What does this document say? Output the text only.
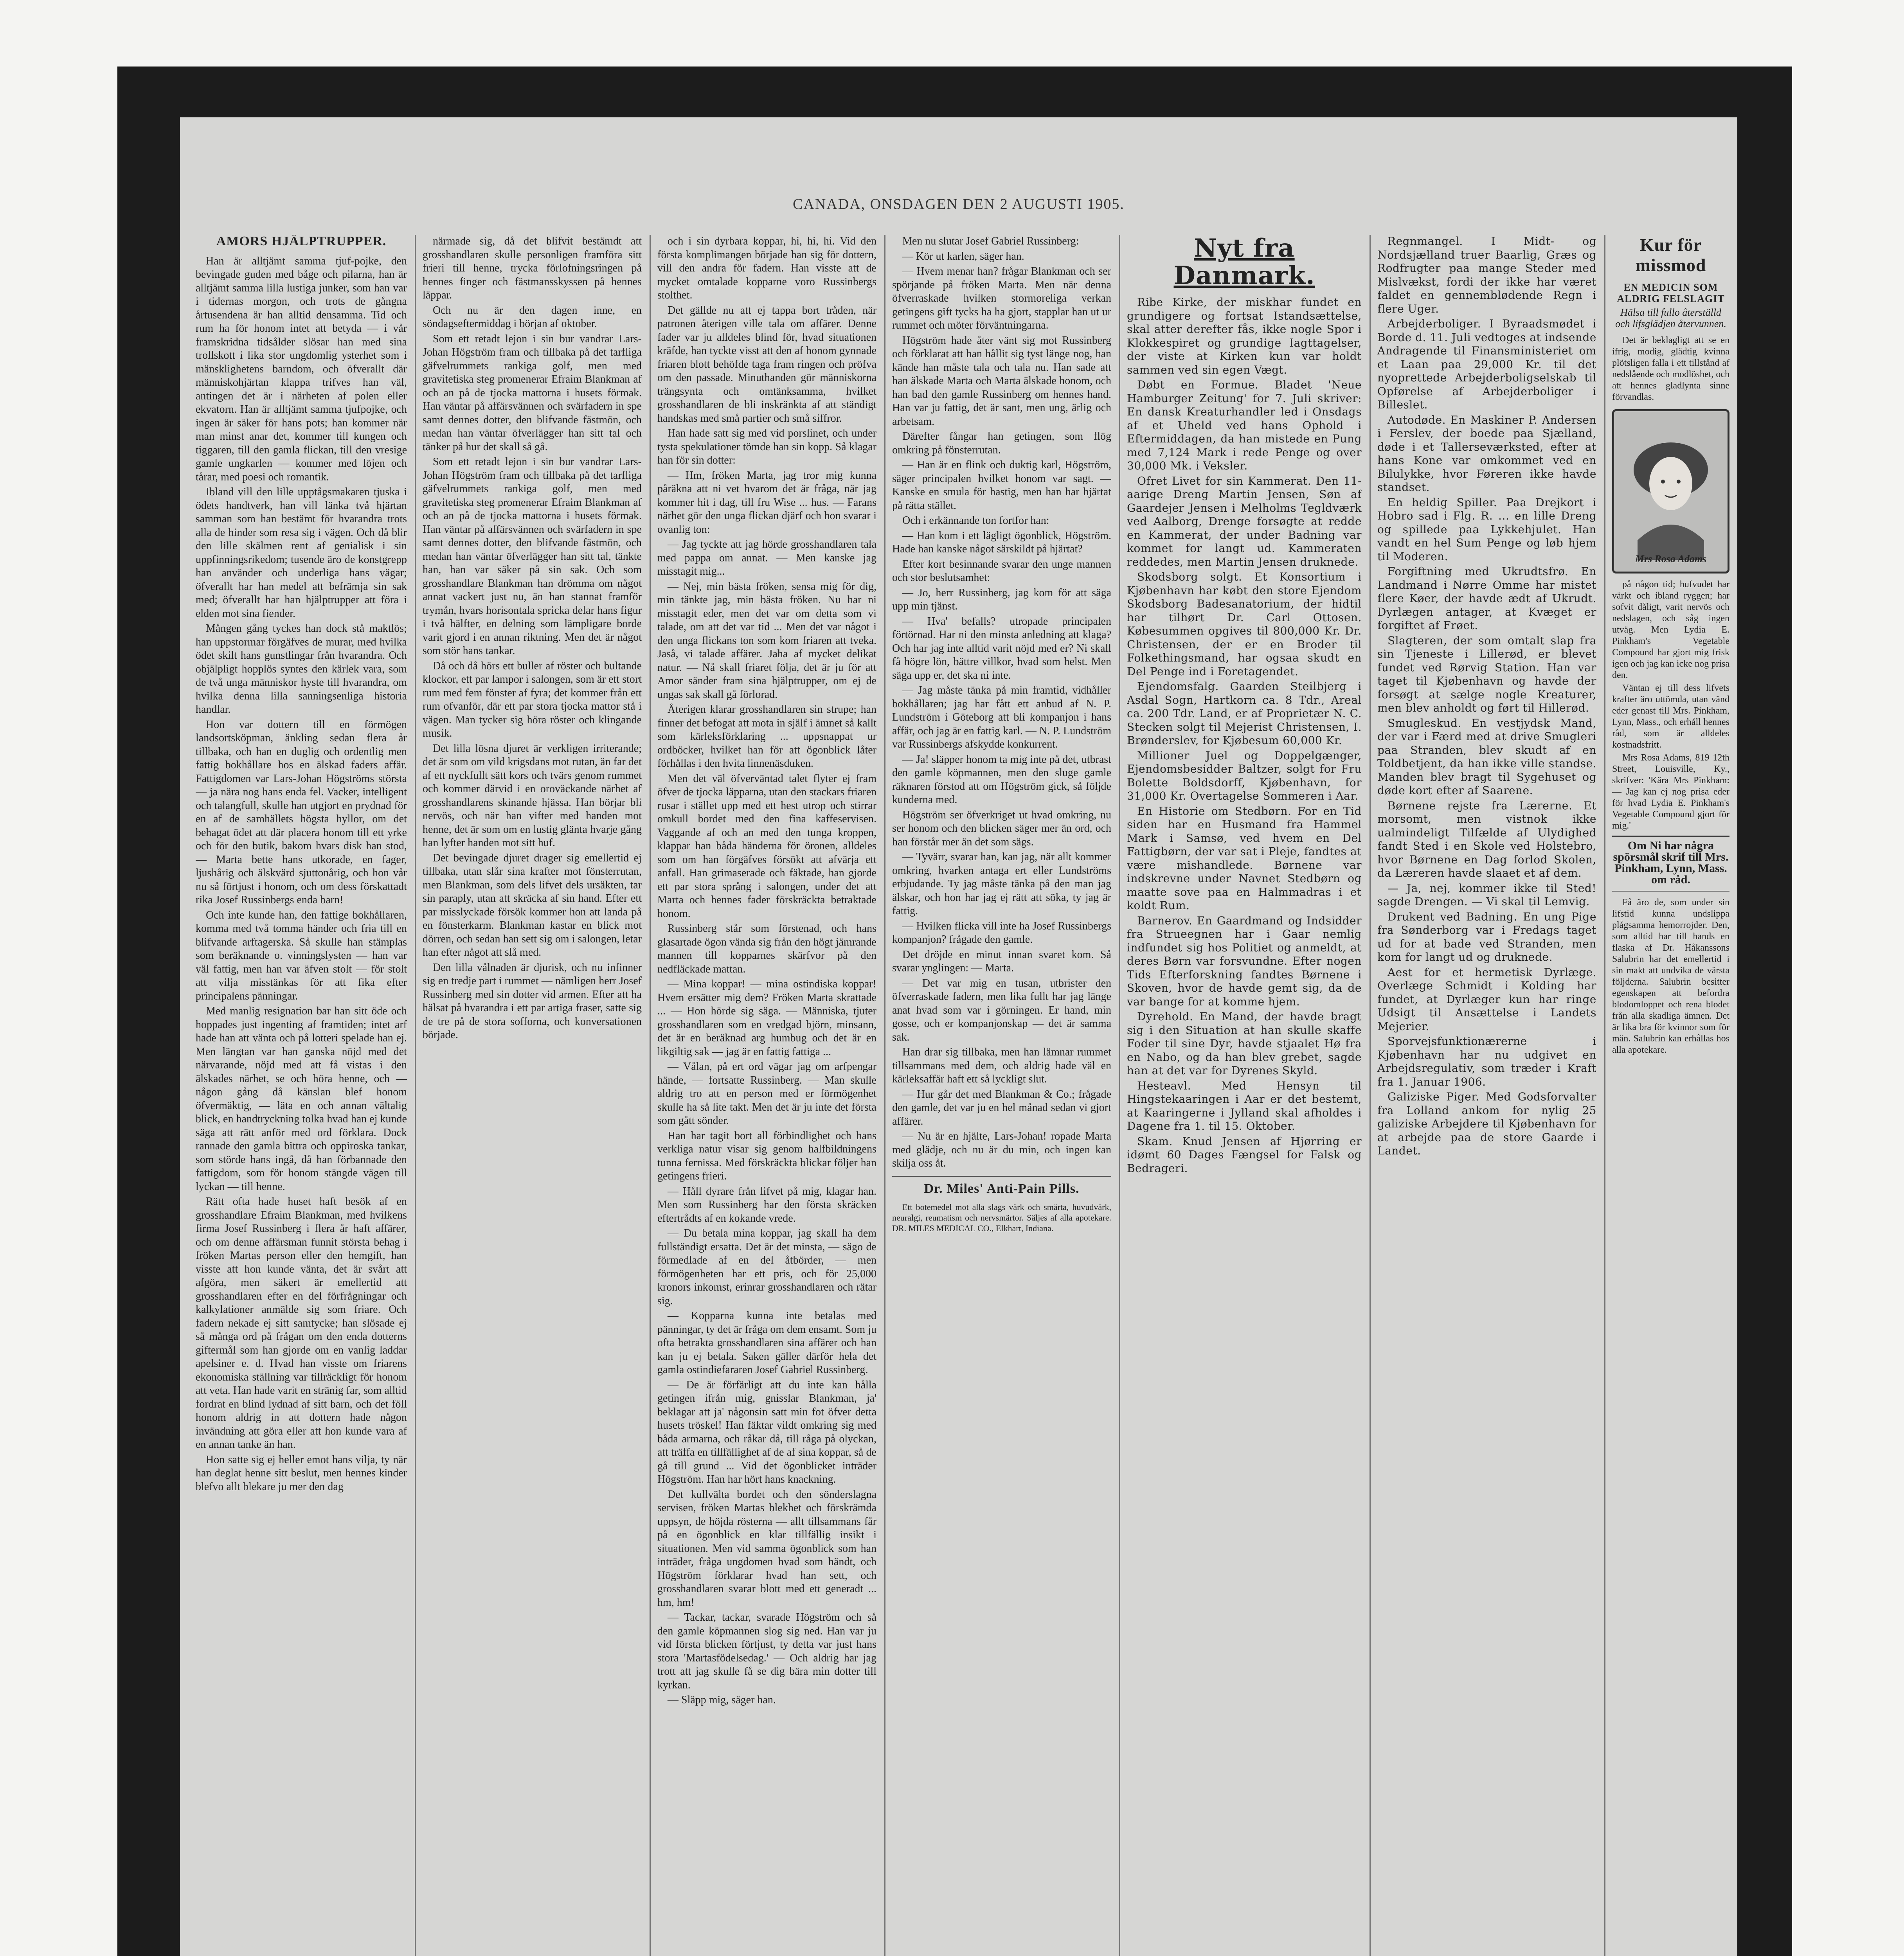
CANADA, ONSDAGEN DEN 2 AUGUSTI 1905.
AMORS HJÄLPTRUPPER.

Han är alltjämt samma tjuf-pojke, den bevingade guden med båge och pilarna, han är alltjämt samma lilla lustiga junker, som han var i tidernas morgon, och trots de gångna årtusendena är han alltid densamma. Tid och rum ha för honom intet att betyda — i vår framskridna tidsålder slösar han med sina trollskott i lika stor ungdomlig ysterhet som i mänsklighetens barndom, och öfverallt där människohjärtan klappa trifves han väl, antingen det är i närheten af polen eller ekvatorn. Han är alltjämt samma tjufpojke, och ingen är säker för hans pots; han kommer när man minst anar det, kommer till kungen och tiggaren, till den gamla flickan, till den vresige gamle ungkarlen — kommer med löjen och tårar, med poesi och romantik.

Ibland vill den lille upptågsmakaren tjuska i ödets handtverk, han vill länka två hjärtan samman som han bestämt för hvarandra trots alla de hinder som resa sig i vägen. Och då blir den lille skälmen rent af genialisk i sin uppfinningsrikedom; tusende äro de konstgrepp han använder och underliga hans vägar; öfverallt har han medel att befrämja sin sak med; öfverallt har han hjälptrupper att föra i elden mot sina fiender.

Mången gång tyckes han dock stå maktlös; han uppstormar förgäfves de murar, med hvilka ödet skilt hans gunstlingar från hvarandra. Och objälpligt hopplös syntes den kärlek vara, som de två unga människor hyste till hvarandra, om hvilka denna lilla sanningsenliga historia handlar.

Hon var dottern till en förmögen landsortsköpman, änkling sedan flera år tillbaka, och han en duglig och ordentlig men fattig bokhållare hos en älskad faders affär. Fattigdomen var Lars-Johan Högströms största — ja nära nog hans enda fel. Vacker, intelligent och talangfull, skulle han utgjort en prydnad för en af de samhällets högsta hyllor, om det behagat ödet att där placera honom till ett yrke och för den butik, bakom hvars disk han stod, — Marta bette hans utkorade, en fager, ljushårig och älskvärd sjuttonårig, och hon vår nu så förtjust i honom, och om dess förskattadt rika Josef Russinbergs enda barn!

Och inte kunde han, den fattige bokhållaren, komma med två tomma händer och fria till en blifvande arftagerska. Så skulle han stämplas som beräknande o. vinningslysten — han var väl fattig, men han var äfven stolt — för stolt att vilja misstänkas för att fika efter principalens pänningar.

Med manlig resignation bar han sitt öde och hoppades just ingenting af framtiden; intet arf hade han att vänta och på lotteri spelade han ej. Men längtan var han ganska nöjd med det närvarande, nöjd med att få vistas i den älskades närhet, se och höra henne, och — någon gång då känslan blef honom öfvermäktig, — läta en och annan vältalig blick, en handtryckning tolka hvad han ej kunde säga att rätt anför med ord förklara. Dock rannade den gamla bittra och oppiroska tankar, som störde hans ingå, då han förbannade den fattigdom, som för honom stängde vägen till lyckan — till henne.

Rätt ofta hade huset haft besök af en grosshandlare Efraim Blankman, med hvilkens firma Josef Russinberg i flera år haft affärer, och om denne affärsman funnit största behag i fröken Martas person eller den hemgift, han visste att hon kunde vänta, det är svårt att afgöra, men säkert är emellertid att grosshandlaren efter en del förfrågningar och kalkylationer anmälde sig som friare. Och fadern nekade ej sitt samtycke; han slösade ej så många ord på frågan om den enda dotterns giftermål som han gjorde om en vanlig laddar apelsiner e. d. Hvad han visste om friarens ekonomiska ställning var tillräckligt för honom att veta. Han hade varit en stränig far, som alltid fordrat en blind lydnad af sitt barn, och det föll honom aldrig in att dottern hade någon invändning att göra eller att hon kunde vara af en annan tanke än han.

Hon satte sig ej heller emot hans vilja, ty när han deglat henne sitt beslut, men hennes kinder blefvo allt blekare ju mer den dag

närmade sig, då det blifvit bestämdt att grosshandlaren skulle personligen framföra sitt frieri till henne, trycka förlofningsringen på hennes finger och fästmansskyssen på hennes läppar.

Och nu är den dagen inne, en söndagseftermiddag i början af oktober.

Som ett retadt lejon i sin bur vandrar Lars-Johan Högström fram och tillbaka på det tarfliga gäfvelrummets rankiga golf, men med gravitetiska steg promenerar Efraim Blankman af och an på de tjocka mattorna i husets förmak. Han väntar på affärsvännen och svärfadern in spe samt dennes dotter, den blifvande fästmön, och medan han väntar öfverlägger han sitt tal och tänker på hur det skall så gå.

Som ett retadt lejon i sin bur vandrar Lars-Johan Högström fram och tillbaka på det tarfliga gäfvelrummets rankiga golf, men med gravitetiska steg promenerar Efraim Blankman af och an på de tjocka mattorna i husets förmak. Han väntar på affärsvännen och svärfadern in spe samt dennes dotter, den blifvande fästmön, och medan han väntar öfverlägger han sitt tal, tänkte han, han var säker på sin sak. Och som grosshandlare Blankman han drömma om något annat vackert just nu, än han stannat framför trymån, hvars horisontala spricka delar hans figur i två hälfter, en delning som lämpligare borde varit gjord i en annan riktning. Men det är något som stör hans tankar.

Då och då hörs ett buller af röster och bultande klockor, ett par lampor i salongen, som är ett stort rum med fem fönster af fyra; det kommer från ett rum ofvanför, där ett par stora tjocka mattor stå i vägen. Man tycker sig höra röster och klingande musik.

Det lilla lösna djuret är verkligen irriterande; det är som om vild krigsdans mot rutan, än far det af ett nyckfullt sätt kors och tvärs genom rummet och kommer därvid i en oroväckande närhet af grosshandlarens skinande hjässa. Han börjar bli nervös, och när han vifter med handen mot henne, det är som om en lustig glänta hvarje gång han lyfter handen mot sitt huf.

Det bevingade djuret drager sig emellertid ej tillbaka, utan slår sina krafter mot fönsterrutan, men Blankman, som dels lifvet dels ursäkten, tar sin paraply, utan att skräcka af sin hand. Efter ett par misslyckade försök kommer hon att landa på en fönsterkarm. Blankman kastar en blick mot dörren, och sedan han sett sig om i salongen, letar han efter något att slå med.

Den lilla vålnaden är djurisk, och nu infinner sig en tredje part i rummet — nämligen herr Josef Russinberg med sin dotter vid armen. Efter att ha hälsat på hvarandra i ett par artiga fraser, satte sig de tre på de stora sofforna, och konversationen började.

och i sin dyrbara koppar, hi, hi, hi. Vid den första komplimangen började han sig för dottern, vill den andra för fadern. Han visste att de mycket omtalade kopparne voro Russinbergs stolthet.

Det gällde nu att ej tappa bort tråden, när patronen återigen ville tala om affärer. Denne fader var ju alldeles blind för, hvad situationen kräfde, han tyckte visst att den af honom gynnade friaren blott behöfde taga fram ringen och pröfva om den passade. Minuthanden gör människorna trängsynta och omtänksamma, hvilket grosshandlaren de bli inskränkta af att ständigt handskas med små partier och små siffror.

Han hade satt sig med vid porslinet, och under tysta spekulationer tömde han sin kopp. Så klagar han för sin dotter:

— Hm, fröken Marta, jag tror mig kunna påräkna att ni vet hvarom det är fråga, när jag kommer hit i dag, till fru Wise ... hus. — Farans närhet gör den unga flickan djärf och hon svarar i ovanlig ton:

— Jag tyckte att jag hörde grosshandlaren tala med pappa om annat. — Men kanske jag misstagit mig...

— Nej, min bästa fröken, sensa mig för dig, min tänkte jag, min bästa fröken. Nu har ni misstagit eder, men det var om detta som vi talade, om att det var tid ... Men det var något i den unga flickans ton som kom friaren att tveka. Jaså, vi talade affärer. Jaha af mycket delikat natur. — Nå skall friaret följa, det är ju för att Amor sänder fram sina hjälptrupper, om ej de ungas sak skall gå förlorad.

Återigen klarar grosshandlaren sin strupe; han finner det befogat att mota in själf i ämnet så kallt som kärleksförklaring ... uppsnappat ur ordböcker, hvilket han för att ögonblick låter förhållas i den hvita linnenäsduken.

Men det väl öfverväntad talet flyter ej fram öfver de tjocka läpparna, utan den stackars friaren rusar i stället upp med ett hest utrop och stirrar omkull bordet med den fina kaffeservisen. Vaggande af och an med den tunga kroppen, klappar han båda händerna för öronen, alldeles som om han förgäfves försökt att afvärja ett anfall. Han grimaserade och fäktade, han gjorde ett par stora språng i salongen, under det att Marta och hennes fader förskräckta betraktade honom.

Russinberg står som förstenad, och hans glasartade ögon vända sig från den högt jämrande mannen till kopparnes skärfvor på den nedfläckade mattan.

— Mina koppar! — mina ostindiska koppar! Hvem ersätter mig dem? Fröken Marta skrattade ... — Hon hörde sig säga. — Människa, tjuter grosshandlaren som en vredgad björn, minsann, det är en beräknad arg humbug och det är en likgiltig sak — jag är en fattig fattiga ...

— Vålan, på ert ord vägar jag om arfpengar hände, — fortsatte Russinberg. — Man skulle aldrig tro att en person med er förmögenhet skulle ha så lite takt. Men det är ju inte det första som gått sönder.

Han har tagit bort all förbindlighet och hans verkliga natur visar sig genom halfbildningens tunna fernissa. Med förskräckta blickar följer han getingens frieri.

— Håll dyrare från lifvet på mig, klagar han. Men som Russinberg har den första skräcken eftertrådts af en kokande vrede.

— Du betala mina koppar, jag skall ha dem fullständigt ersatta. Det är det minsta, — sägo de förmedlade af en del åtbörder, — men förmögenheten har ett pris, och för 25,000 kronors inkomst, erinrar grosshandlaren och rätar sig.

— Kopparna kunna inte betalas med pänningar, ty det är fråga om dem ensamt. Som ju ofta betrakta grosshandlaren sina affärer och han kan ju ej betala. Saken gäller därför hela det gamla ostindiefararen Josef Gabriel Russinberg.

— De är förfärligt att du inte kan hålla getingen ifrån mig, gnisslar Blankman, ja' beklagar att ja' någonsin satt min fot öfver detta husets tröskel! Han fäktar vildt omkring sig med båda armarna, och råkar då, till råga på olyckan, att träffa en tillfällighet af de af sina koppar, så de gå till grund ... Vid det ögonblicket inträder Högström. Han har hört hans knackning.

Det kullvälta bordet och den sönderslagna servisen, fröken Martas blekhet och förskrämda uppsyn, de höjda rösterna — allt tillsammans får på en ögonblick en klar tillfällig insikt i situationen. Men vid samma ögonblick som han inträder, fråga ungdomen hvad som händt, och Högström förklarar hvad han sett, och grosshandlaren svarar blott med ett generadt ... hm, hm!

— Tackar, tackar, svarade Högström och så den gamle köpmannen slog sig ned. Han var ju vid första blicken förtjust, ty detta var just hans stora 'Martasfödelsedag.' — Och aldrig har jag trott att jag skulle få se dig bära min dotter till kyrkan.

— Släpp mig, säger han.

Men nu slutar Josef Gabriel Russinberg:

— Kör ut karlen, säger han.

— Hvem menar han? frågar Blankman och ser spörjande på fröken Marta. Men när denna öfverraskade hvilken stormoreliga verkan getingens gift tycks ha ha gjort, stapplar han ut ur rummet och möter förväntningarna.

Högström hade åter vänt sig mot Russinberg och förklarat att han hållit sig tyst länge nog, han kände han måste tala och tala nu. Han sade att han älskade Marta och Marta älskade honom, och han bad den gamle Russinberg om hennes hand. Han var ju fattig, det är sant, men ung, ärlig och arbetsam.

Därefter fångar han getingen, som flög omkring på fönsterrutan.

— Han är en flink och duktig karl, Högström, säger principalen hvilket honom var sagt. — Kanske en smula för hastig, men han har hjärtat på rätta stället.

Och i erkännande ton fortfor han:

— Han kom i ett lägligt ögonblick, Högström. Hade han kanske något särskildt på hjärtat?

Efter kort besinnande svarar den unge mannen och stor beslutsamhet:

— Jo, herr Russinberg, jag kom för att säga upp min tjänst.

— Hva' befalls? utropade principalen förtörnad. Har ni den minsta anledning att klaga? Och har jag inte alltid varit nöjd med er? Ni skall få högre lön, bättre villkor, hvad som helst. Men säga upp er, det ska ni inte.

— Jag måste tänka på min framtid, vidhåller bokhållaren; jag har fått ett anbud af N. P. Lundström i Göteborg att bli kompanjon i hans affär, och jag är en fattig karl. — N. P. Lundström var Russinbergs afskydde konkurrent.

— Ja! släpper honom ta mig inte på det, utbrast den gamle köpmannen, men den sluge gamle räknaren förstod att om Högström gick, så följde kunderna med.

Högström ser öfverkriget ut hvad omkring, nu ser honom och den blicken säger mer än ord, och han förstår mer än det som sägs.

— Tyvärr, svarar han, kan jag, när allt kommer omkring, hvarken antaga ert eller Lundströms erbjudande. Ty jag måste tänka på den man jag älskar, och hon har jag ej rätt att söka, ty jag är fattig.

— Hvilken flicka vill inte ha Josef Russinbergs kompanjon? frågade den gamle.

Det dröjde en minut innan svaret kom. Så svarar ynglingen: — Marta.

— Det var mig en tusan, utbrister den öfverraskade fadern, men lika fullt har jag länge anat hvad som var i görningen. Er hand, min gosse, och er kompanjonskap — det är samma sak.

Han drar sig tillbaka, men han lämnar rummet tillsammans med dem, och aldrig hade väl en kärleksaffär haft ett så lyckligt slut.

— Hur går det med Blankman & Co.; frågade den gamle, det var ju en hel månad sedan vi gjort affärer.

— Nu är en hjälte, Lars-Johan! ropade Marta med glädje, och nu är du min, och ingen kan skilja oss åt.

Dr. Miles' Anti-Pain Pills.

Ett botemedel mot alla slags värk och smärta, huvudvärk, neuralgi, reumatism och nervsmärtor. Säljes af alla apotekare. DR. MILES MEDICAL CO., Elkhart, Indiana.

Nyt fra Danmark.

Ribe Kirke, der miskhar fundet en grundigere og fortsat Istandsættelse, skal atter derefter fås, ikke nogle Spor i Klokkespiret og grundige Iagttagelser, der viste at Kirken kun var holdt sammen ved sin egen Vægt.

Døbt en Formue. Bladet 'Neue Hamburger Zeitung' for 7. Juli skriver: En dansk Kreaturhandler led i Onsdags af et Uheld ved hans Ophold i Eftermiddagen, da han mistede en Pung med 7,124 Mark i rede Penge og over 30,000 Mk. i Veksler.

Ofret Livet for sin Kammerat. Den 11-aarige Dreng Martin Jensen, Søn af Gaardejer Jensen i Melholms Tegldværk ved Aalborg, Drenge forsøgte at redde en Kammerat, der under Badning var kommet for langt ud. Kammeraten reddedes, men Martin Jensen druknede.

Skodsborg solgt. Et Konsortium i Kjøbenhavn har købt den store Ejendom Skodsborg Badesanatorium, der hidtil har tilhørt Dr. Carl Ottosen. Købesummen opgives til 800,000 Kr. Dr. Christensen, der er en Broder til Folkethingsmand, har ogsaa skudt en Del Penge ind i Foretagendet.

Ejendomsfalg. Gaarden Steilbjerg i Asdal Sogn, Hartkorn ca. 8 Tdr., Areal ca. 200 Tdr. Land, er af Proprietær N. C. Stecken solgt til Mejerist Christensen, I. Brønderslev, for Kjøbesum 60,000 Kr.

Millioner Juel og Doppelgænger, Ejendomsbesidder Baltzer, solgt for Fru Bolette Boldsdorff, Kjøbenhavn, for 31,000 Kr. Overtagelse Sommeren i Aar.

En Historie om Stedbørn. For en Tid siden har en Husmand fra Hammel Mark i Samsø, ved hvem en Del Fattigbørn, der var sat i Pleje, fandtes at være mishandlede. Børnene var indskrevne under Navnet Stedbørn og maatte sove paa en Halmmadras i et koldt Rum.

Barnerov. En Gaardmand og Indsidder fra Strueegnen har i Gaar nemlig indfundet sig hos Politiet og anmeldt, at deres Børn var forsvundne. Efter nogen Tids Efterforskning fandtes Børnene i Skoven, hvor de havde gemt sig, da de var bange for at komme hjem.

Dyrehold. En Mand, der havde bragt sig i den Situation at han skulle skaffe Foder til sine Dyr, havde stjaalet Hø fra en Nabo, og da han blev grebet, sagde han at det var for Dyrenes Skyld.

Hesteavl. Med Hensyn til Hingstekaaringen i Aar er det bestemt, at Kaaringerne i Jylland skal afholdes i Dagene fra 1. til 15. Oktober.

Skam. Knud Jensen af Hjørring er idømt 60 Dages Fængsel for Falsk og Bedrageri.

Regnmangel. I Midt- og Nordsjælland truer Baarlig, Græs og Rodfrugter paa mange Steder med Mislvækst, fordi der ikke har været faldet en gennemblødende Regn i flere Uger.

Arbejderboliger. I Byraadsmødet i Borde d. 11. Juli vedtoges at indsende Andragende til Finansministeriet om et Laan paa 29,000 Kr. til det nyoprettede Arbejderboligselskab til Opførelse af Arbejderboliger i Billeslet.

Autodøde. En Maskiner P. Andersen i Ferslev, der boede paa Sjælland, døde i et Tallerseværksted, efter at hans Kone var omkommet ved en Bilulykke, hvor Føreren ikke havde standset.

En heldig Spiller. Paa Drejkort i Hobro sad i Flg. R. ... en lille Dreng og spillede paa Lykkehjulet. Han vandt en hel Sum Penge og løb hjem til Moderen.

Forgiftning med Ukrudtsfrø. En Landmand i Nørre Omme har mistet flere Køer, der havde ædt af Ukrudt. Dyrlægen antager, at Kvæget er forgiftet af Frøet.

Slagteren, der som omtalt slap fra sin Tjeneste i Lillerød, er blevet fundet ved Rørvig Station. Han var taget til Kjøbenhavn og havde der forsøgt at sælge nogle Kreaturer, men blev anholdt og ført til Hillerød.

Smugleskud. En vestjydsk Mand, der var i Færd med at drive Smugleri paa Stranden, blev skudt af en Toldbetjent, da han ikke ville standse. Manden blev bragt til Sygehuset og døde kort efter af Saarene.

Børnene rejste fra Lærerne. Et morsomt, men vistnok ikke ualmindeligt Tilfælde af Ulydighed fandt Sted i en Skole ved Holstebro, hvor Børnene en Dag forlod Skolen, da Læreren havde slaaet et af dem.

— Ja, nej, kommer ikke til Sted! sagde Drengen. — Vi skal til Lemvig.

Drukent ved Badning. En ung Pige fra Sønderborg var i Fredags taget ud for at bade ved Stranden, men kom for langt ud og druknede.

Aest for et hermetisk Dyrlæge. Overlæge Schmidt i Kolding har fundet, at Dyrlæger kun har ringe Udsigt til Ansættelse i Landets Mejerier.

Sporvejsfunktionærerne i Kjøbenhavn har nu udgivet en Arbejdsregulativ, som træder i Kraft fra 1. Januar 1906.

Galiziske Piger. Med Godsforvalter fra Lolland ankom for nylig 25 galiziske Arbejdere til Kjøbenhavn for at arbejde paa de store Gaarde i Landet.

Kur för missmod
EN MEDICIN SOM ALDRIG FELSLAGIT
Hälsa till fullo återställd och lifsglädjen återvunnen.

Det är beklagligt att se en ifrig, modig, glädtig kvinna plötsligen falla i ett tillstånd af nedslående och modlöshet, och att hennes gladlynta sinne förvandlas.

Mrs Rosa Adams

på någon tid; hufvudet har värkt och ibland ryggen; har sofvit dåligt, varit nervös och nedslagen, och såg ingen utväg. Men Lydia E. Pinkham's Vegetable Compound har gjort mig frisk igen och jag kan icke nog prisa den.

Väntan ej till dess lifvets krafter äro uttömda, utan vänd eder genast till Mrs. Pinkham, Lynn, Mass., och erhåll hennes råd, som är alldeles kostnadsfritt.

Mrs Rosa Adams, 819 12th Street, Louisville, Ky., skrifver: 'Kära Mrs Pinkham: — Jag kan ej nog prisa eder för hvad Lydia E. Pinkham's Vegetable Compound gjort för mig.'

Om Ni har några spörsmål skrif till Mrs. Pinkham, Lynn, Mass. om råd.

Få äro de, som under sin lifstid kunna undslippa plågsamma hemorrojder. Den, som alltid har till hands en flaska af Dr. Håkanssons Salubrin har det emellertid i sin makt att undvika de värsta följderna. Salubrin besitter egenskapen att befordra blodomloppet och rena blodet från alla skadliga ämnen. Det är lika bra för kvinnor som för män. Salubrin kan erhållas hos alla apotekare.
